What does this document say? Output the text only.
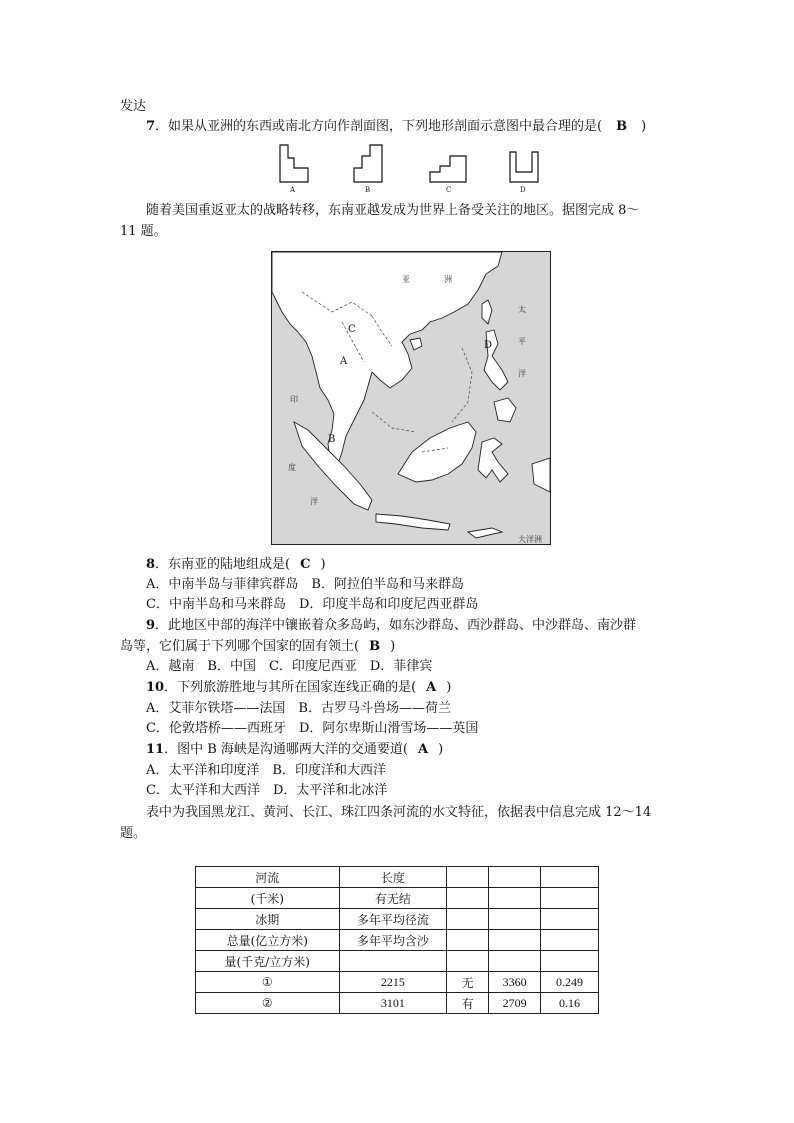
发达
7．如果从亚洲的东西或南北方向作剖面图，下列地形剖面示意图中最合理的是( B )
A	B	C	D
随着美国重返亚太的战略转移，东南亚越发成为世界上备受关注的地区。据图完成 8～
11 题。
亚	洲
太
平
洋
印
度
洋
大洋洲
A
B
C
D
8．东南亚的陆地组成是( C )
A．中南半岛与菲律宾群岛　B．阿拉伯半岛和马来群岛
C．中南半岛和马来群岛　D．印度半岛和印度尼西亚群岛
9．此地区中部的海洋中镶嵌着众多岛屿，如东沙群岛、西沙群岛、中沙群岛、南沙群
岛等，它们属于下列哪个国家的固有领土( B )
A．越南　B．中国　C．印度尼西亚　D．菲律宾
10．下列旅游胜地与其所在国家连线正确的是( A )
A．艾菲尔铁塔——法国　B．古罗马斗兽场——荷兰
C．伦敦塔桥——西班牙　D．阿尔卑斯山滑雪场——英国
11．图中 B 海峡是沟通哪两大洋的交通要道( A )
A．太平洋和印度洋　B．印度洋和大西洋
C．太平洋和大西洋　D．太平洋和北冰洋
表中为我国黑龙江、黄河、长江、珠江四条河流的水文特征，依据表中信息完成 12～14
题。
河流	长度			
(千米)	有无结			
冰期	多年平均径流			
总量(亿立方米)	多年平均含沙			
量(千克/立方米)				
①	2215	无	3360	0.249
②	3101	有	2709	0.16
